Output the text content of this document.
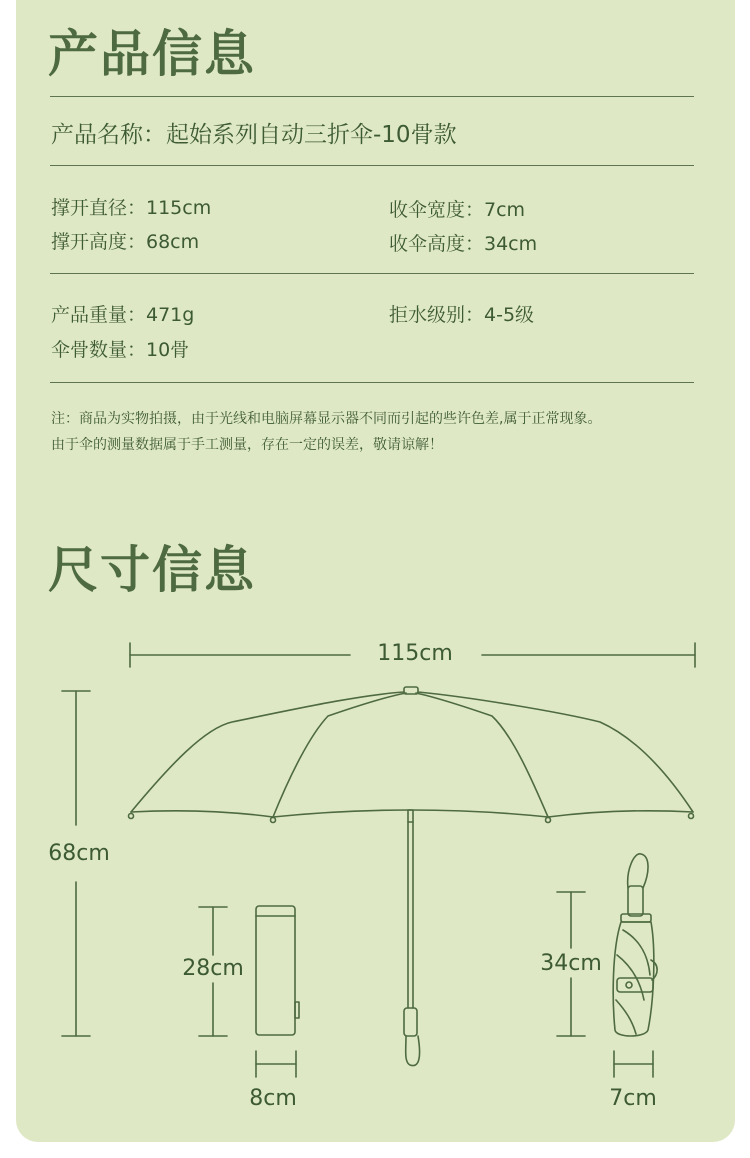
产品信息
产品名称：起始系列自动三折伞-10骨款
撑开直径：115cm	收伞宽度：7cm
撑开高度：68cm	收伞高度：34cm
产品重量：471g	拒水级别：4-5级
伞骨数量：10骨
注：商品为实物拍摄，由于光线和电脑屏幕显示器不同而引起的些许色差,属于正常现象。
由于伞的测量数据属于手工测量，存在一定的误差，敬请谅解！
尺寸信息
115cm
68cm
28cm
8cm
34cm
7cm
